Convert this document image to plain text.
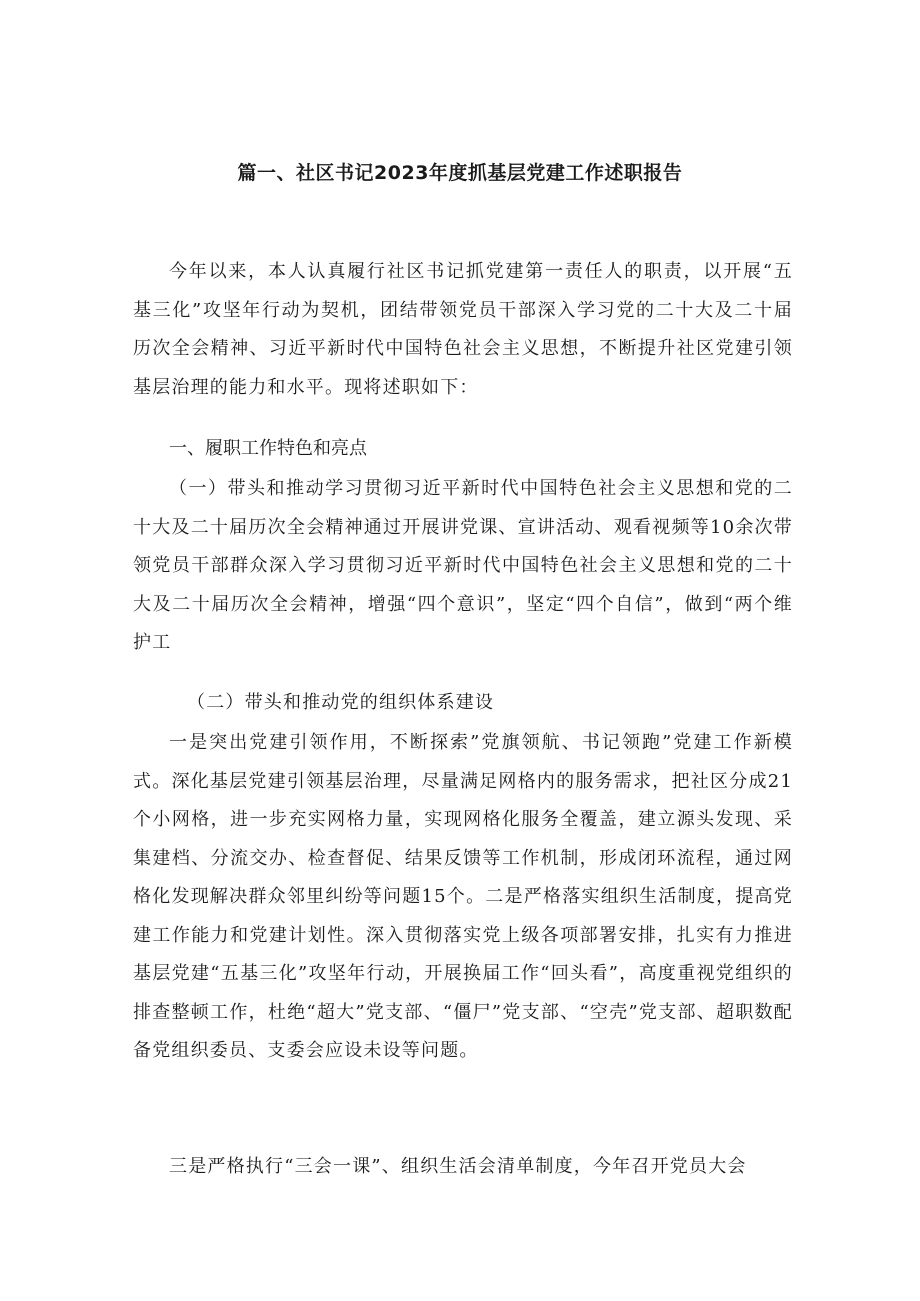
篇一、社区书记2023年度抓基层党建工作述职报告

今年以来，本人认真履行社区书记抓党建第一责任人的职责，以开展“五基三化”攻坚年行动为契机，团结带领党员干部深入学习党的二十大及二十届历次全会精神、习近平新时代中国特色社会主义思想，不断提升社区党建引领基层治理的能力和水平。现将述职如下：

一、履职工作特色和亮点

（一）带头和推动学习贯彻习近平新时代中国特色社会主义思想和党的二十大及二十届历次全会精神通过开展讲党课、宣讲活动、观看视频等10余次带领党员干部群众深入学习贯彻习近平新时代中国特色社会主义思想和党的二十大及二十届历次全会精神，增强“四个意识”，坚定“四个自信”，做到“两个维护工

（二）带头和推动党的组织体系建设

一是突出党建引领作用，不断探索”党旗领航、书记领跑”党建工作新模式。深化基层党建引领基层治理，尽量满足网格内的服务需求，把社区分成21个小网格，进一步充实网格力量，实现网格化服务全覆盖，建立源头发现、采集建档、分流交办、检查督促、结果反馈等工作机制，形成闭环流程，通过网格化发现解决群众邻里纠纷等问题15个。二是严格落实组织生活制度，提高党建工作能力和党建计划性。深入贯彻落实党上级各项部署安排，扎实有力推进基层党建“五基三化”攻坚年行动，开展换届工作“回头看”，高度重视党组织的排查整顿工作，杜绝“超大”党支部、“僵尸”党支部、“空壳”党支部、超职数配备党组织委员、支委会应设未设等问题。

三是严格执行“三会一课”、组织生活会清单制度，今年召开党员大会
